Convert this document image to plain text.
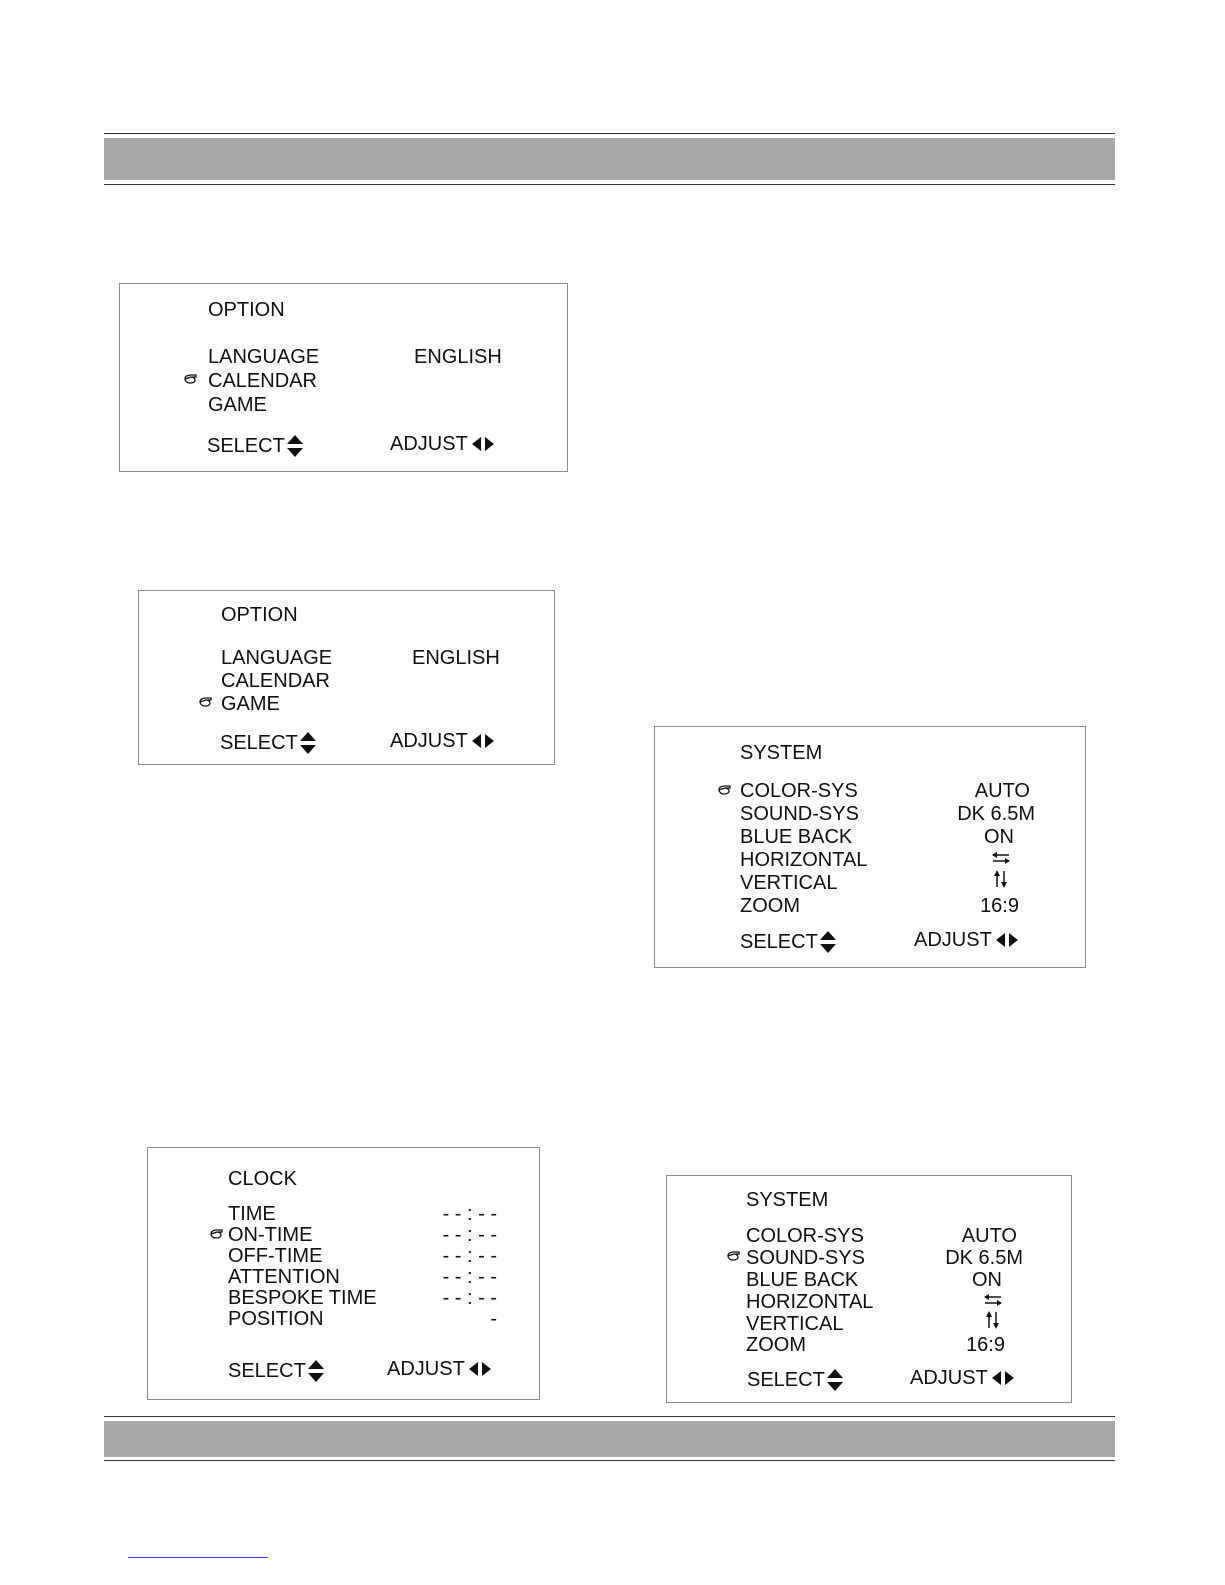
OPTION
LANGUAGE	ENGLISH
CALENDAR
GAME
SELECT	ADJUST
OPTION
LANGUAGE	ENGLISH
CALENDAR
GAME
SELECT	ADJUST
SYSTEM
COLOR-SYS	AUTO
SOUND-SYS	DK 6.5M
BLUE BACK	ON
HORIZONTAL
VERTICAL
ZOOM	16:9
SELECT	ADJUST
CLOCK
TIME	- - : - -
ON-TIME	- - : - -
OFF-TIME	- - : - -
ATTENTION	- - : - -
BESPOKE TIME	- - : - -
POSITION	-
SELECT	ADJUST
SYSTEM
COLOR-SYS	AUTO
SOUND-SYS	DK 6.5M
BLUE BACK	ON
HORIZONTAL
VERTICAL
ZOOM	16:9
SELECT	ADJUST
